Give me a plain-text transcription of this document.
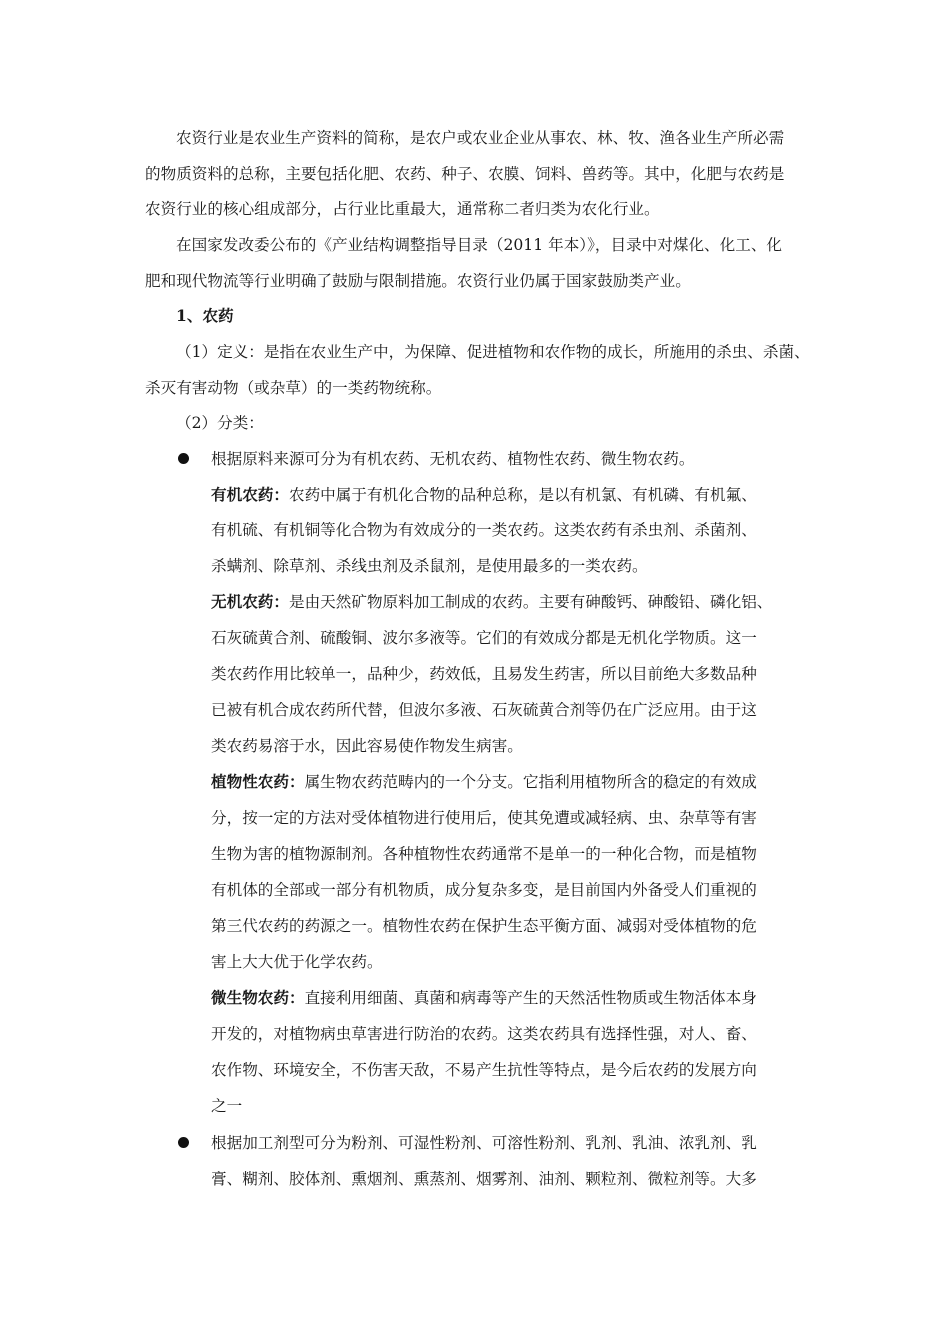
农资行业是农业生产资料的简称，是农户或农业企业从事农、林、牧、渔各业生产所必需
的物质资料的总称，主要包括化肥、农药、种子、农膜、饲料、兽药等。其中，化肥与农药是
农资行业的核心组成部分，占行业比重最大，通常称二者归类为农化行业。
在国家发改委公布的《产业结构调整指导目录（2011 年本）》，目录中对煤化、化工、化
肥和现代物流等行业明确了鼓励与限制措施。农资行业仍属于国家鼓励类产业。
1、农药
（1）定义：是指在农业生产中，为保障、促进植物和农作物的成长，所施用的杀虫、杀菌、
杀灭有害动物（或杂草）的一类药物统称。
（2）分类：
根据原料来源可分为有机农药、无机农药、植物性农药、微生物农药。
有机农药：农药中属于有机化合物的品种总称，是以有机氯、有机磷、有机氟、
有机硫、有机铜等化合物为有效成分的一类农药。这类农药有杀虫剂、杀菌剂、
杀螨剂、除草剂、杀线虫剂及杀鼠剂，是使用最多的一类农药。
无机农药：是由天然矿物原料加工制成的农药。主要有砷酸钙、砷酸铅、磷化铝、
石灰硫黄合剂、硫酸铜、波尔多液等。它们的有效成分都是无机化学物质。这一
类农药作用比较单一，品种少，药效低，且易发生药害，所以目前绝大多数品种
已被有机合成农药所代替，但波尔多液、石灰硫黄合剂等仍在广泛应用。由于这
类农药易溶于水，因此容易使作物发生病害。
植物性农药：属生物农药范畴内的一个分支。它指利用植物所含的稳定的有效成
分，按一定的方法对受体植物进行使用后，使其免遭或减轻病、虫、杂草等有害
生物为害的植物源制剂。各种植物性农药通常不是单一的一种化合物，而是植物
有机体的全部或一部分有机物质，成分复杂多变，是目前国内外备受人们重视的
第三代农药的药源之一。植物性农药在保护生态平衡方面、减弱对受体植物的危
害上大大优于化学农药。
微生物农药：直接利用细菌、真菌和病毒等产生的天然活性物质或生物活体本身
开发的，对植物病虫草害进行防治的农药。这类农药具有选择性强，对人、畜、
农作物、环境安全，不伤害天敌，不易产生抗性等特点，是今后农药的发展方向
之一
根据加工剂型可分为粉剂、可湿性粉剂、可溶性粉剂、乳剂、乳油、浓乳剂、乳
膏、糊剂、胶体剂、熏烟剂、熏蒸剂、烟雾剂、油剂、颗粒剂、微粒剂等。大多
